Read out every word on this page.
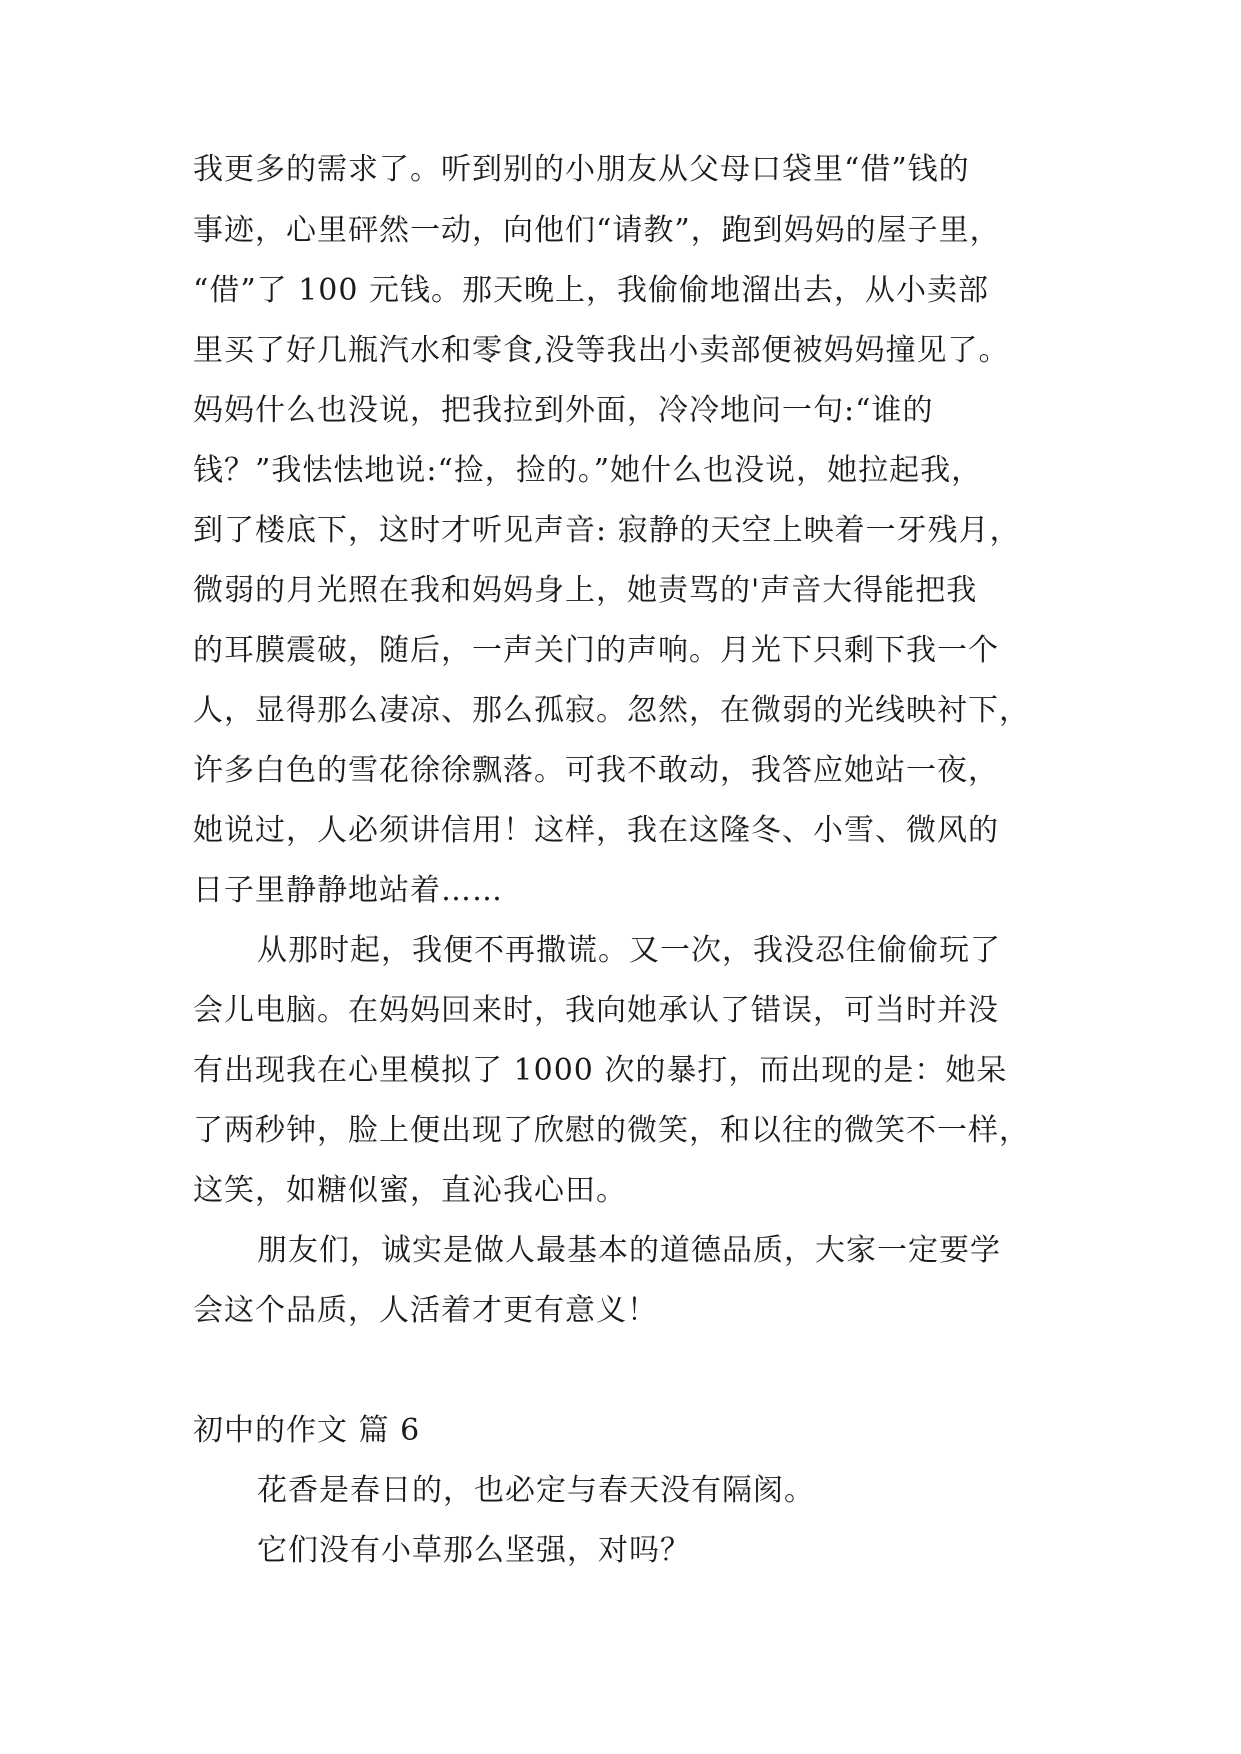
我更多的需求了。听到别的小朋友从父母口袋里“借”钱的
事迹，心里砰然一动，向他们“请教”，跑到妈妈的屋子里，
“借”了 100 元钱。那天晚上，我偷偷地溜出去，从小卖部
里买了好几瓶汽水和零食,没等我出小卖部便被妈妈撞见了。
妈妈什么也没说，把我拉到外面，冷冷地问一句:“谁的
钱？”我怯怯地说:“捡，捡的。”她什么也没说，她拉起我，
到了楼底下，这时才听见声音: 寂静的天空上映着一牙残月，
微弱的月光照在我和妈妈身上，她责骂的'声音大得能把我
的耳膜震破，随后，一声关门的声响。月光下只剩下我一个
人，显得那么凄凉、那么孤寂。忽然，在微弱的光线映衬下，
许多白色的雪花徐徐飘落。可我不敢动，我答应她站一夜，
她说过，人必须讲信用！这样，我在这隆冬、小雪、微风的
日子里静静地站着……
从那时起，我便不再撒谎。又一次，我没忍住偷偷玩了
会儿电脑。在妈妈回来时，我向她承认了错误，可当时并没
有出现我在心里模拟了 1000 次的暴打，而出现的是：她呆
了两秒钟，脸上便出现了欣慰的微笑，和以往的微笑不一样，
这笑，如糖似蜜，直沁我心田。
朋友们，诚实是做人最基本的道德品质，大家一定要学
会这个品质，人活着才更有意义！
初中的作文 篇 6
花香是春日的，也必定与春天没有隔阂。
它们没有小草那么坚强，对吗？
